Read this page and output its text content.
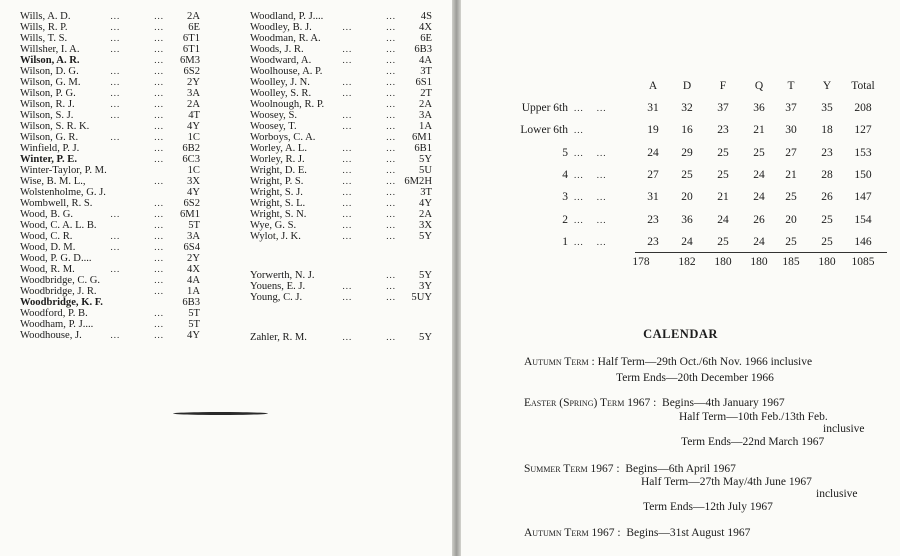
Wills, A. D.	...	... 2A
Wills, R. P.	...	... 6E
Wills, T. S.	...	... 6T1
Willsher, I. A.	...	... 6T1
Wilson, A. R.	... 6M3
Wilson, D. G.	...	... 6S2
Wilson, G. M.	...	... 2Y
Wilson, P. G.	...	... 3A
Wilson, R. J.	...	... 2A
Wilson, S. J.	...	... 4T
Wilson, S. R. K.	... 4Y
Wilson, G. R.	...	... 1C
Winfield, P. J.	... 6B2
Winter, P. E.	... 6C3
Winter-Taylor, P. M.	1C
Wise, B. M. L.,	... 3X
Wolstenholme, G. J.	4Y
Wombwell, R. S.	... 6S2
Wood, B. G.	...	... 6M1
Wood, C. A. L. B.	... 5T
Wood, C. R.	...	... 3A
Wood, D. M.	...	... 6S4
Wood, P. G. D....	... 2Y
Wood, R. M.	...	... 4X
Woodbridge, C. G.	... 4A
Woodbridge, J. R.	... 1A
Woodbridge, K. F.	6B3
Woodford, P. B.	... 5T
Woodham, P. J....	... 5T
Woodhouse, J.	...	... 4Y
Woodland, P. J....	... 4S
Woodley, B. J.	...	... 4X
Woodman, R. A.	... 6E
Woods, J. R.	...	... 6B3
Woodward, A.	...	... 4A
Woolhouse, A. P.	... 3T
Woolley, J. N.	...	... 6S1
Woolley, S. R.	...	... 2T
Woolnough, R. P.	... 2A
Woosey, S.	...	... 3A
Woosey, T.	...	... 1A
Worboys, C. A.	... 6M1
Worley, A. L.	...	... 6B1
Worley, R. J.	...	... 5Y
Wright, D. E.	...	... 5U
Wright, P. S.	...	... 6M2H
Wright, S. J.	...	... 3T
Wright, S. L.	...	... 4Y
Wright, S. N.	...	... 2A
Wye, G. S.	...	... 3X
Wylot, J. K.	...	... 5Y
Yorwerth, N. J.	... 5Y
Youens, E. J.	...	... 3Y
Young, C. J.	...	... 5UY
Zahler, R. M.	...	... 5Y
A	D	F	Q	T	Y	Total
Upper 6th ...    ...	31	32	37	36	37	35	208
Lower 6th ...	19	16	23	21	30	18	127
5 ...    ...	24	29	25	25	27	23	153
4 ...    ...	27	25	25	24	21	28	150
3 ...    ...	31	20	21	24	25	26	147
2 ...    ...	23	36	24	26	20	25	154
1 ...    ...	23	24	25	24	25	25	146
178	182	180	180	185	180	1085
CALENDAR
Autumn Term : Half Term—29th Oct./6th Nov. 1966 inclusive
Term Ends—20th December 1966
Easter (Spring) Term 1967 :  Begins—4th January 1967
Half Term—10th Feb./13th Feb.
inclusive
Term Ends—22nd March 1967
Summer Term 1967 :  Begins—6th April 1967
Half Term—27th May/4th June 1967
inclusive
Term Ends—12th July 1967
Autumn Term 1967 :  Begins—31st August 1967
